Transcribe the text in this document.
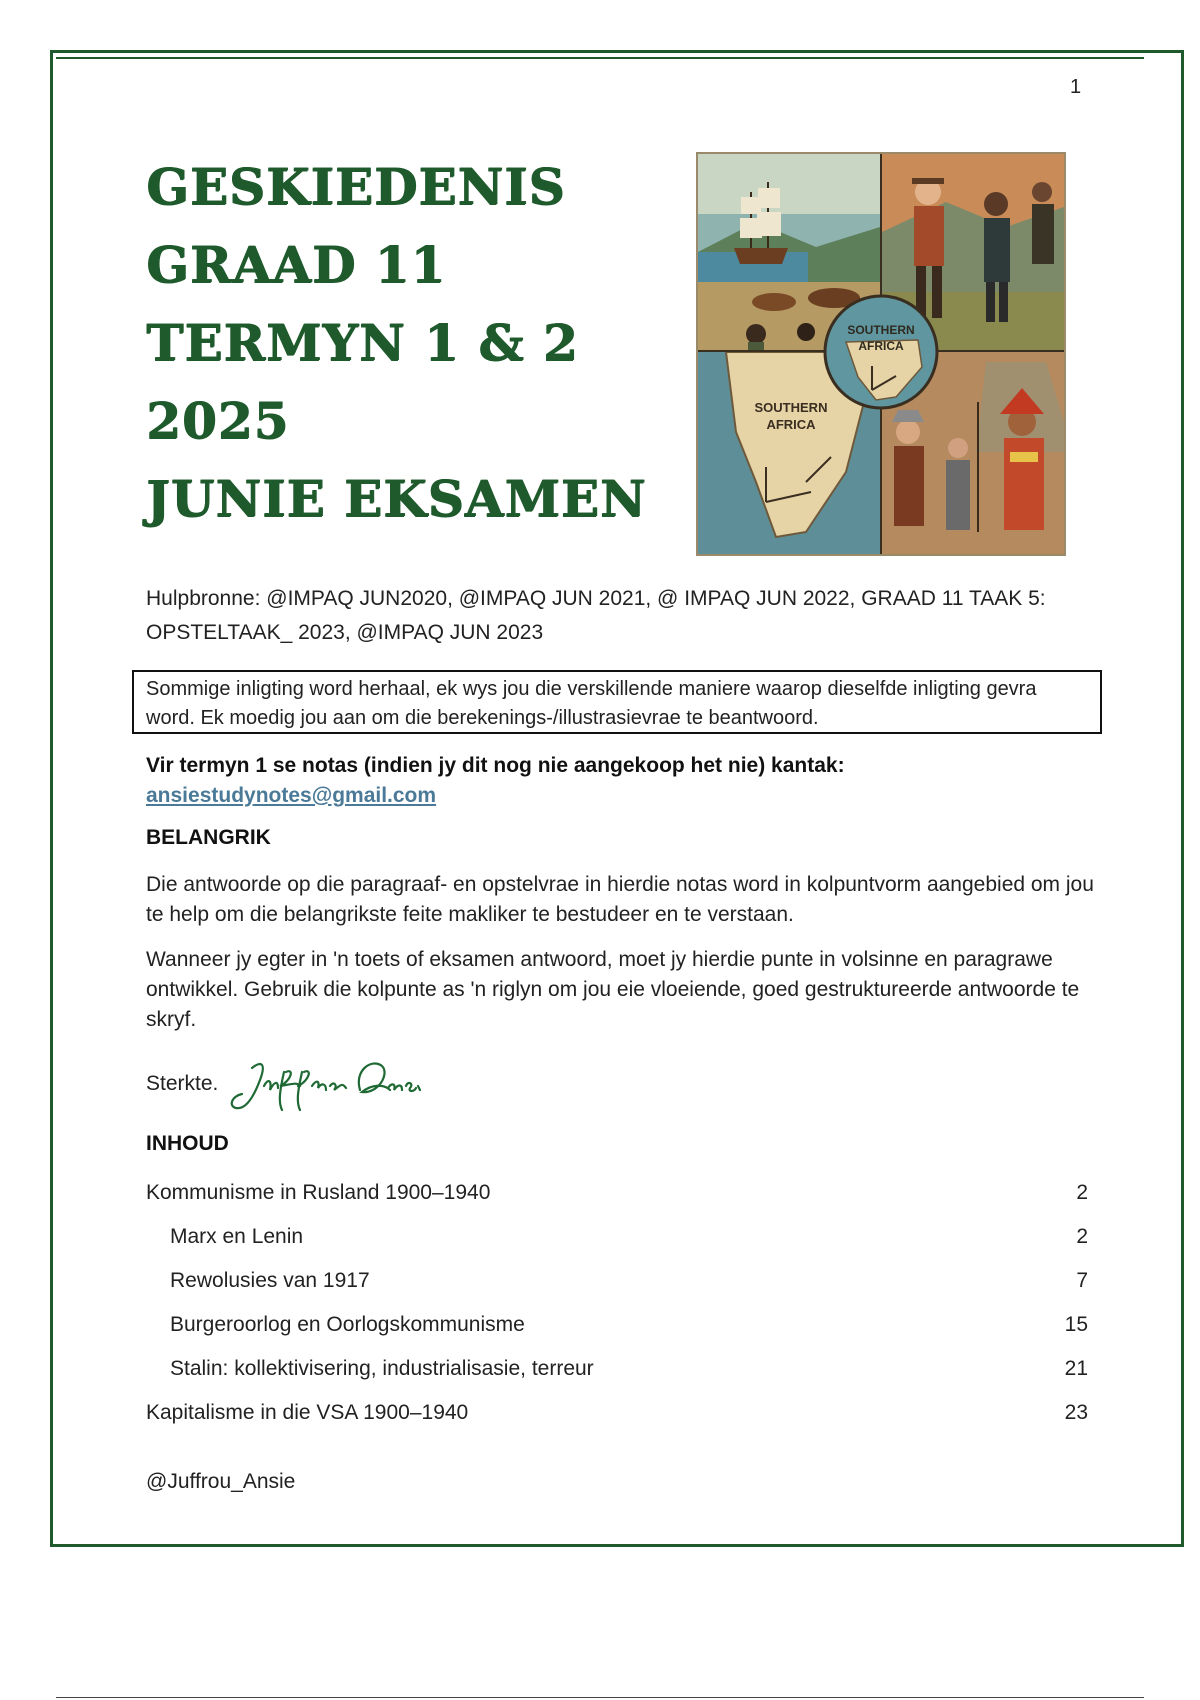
1
GESKIEDENIS
GRAAD 11
TERMYN 1 & 2
2025
JUNIE EKSAMEN
SOUTHERN
AFRICA
SOUTHERN
AFRICA
Hulpbronne: @IMPAQ JUN2020, @IMPAQ JUN 2021, @ IMPAQ JUN 2022, GRAAD 11 TAAK 5: OPSTELTAAK_ 2023, @IMPAQ JUN 2023
Sommige inligting word herhaal, ek wys jou die verskillende maniere waarop dieselfde inligting gevra word. Ek moedig jou aan om die berekenings-/illustrasievrae te beantwoord.
Vir termyn 1 se notas (indien jy dit nog nie aangekoop het nie) kantak:
ansiestudynotes@gmail.com
BELANGRIK
Die antwoorde op die paragraaf- en opstelvrae in hierdie notas word in kolpuntvorm aangebied om jou te help om die belangrikste feite makliker te bestudeer en te verstaan.
Wanneer jy egter in 'n toets of eksamen antwoord, moet jy hierdie punte in volsinne en paragrawe ontwikkel. Gebruik die kolpunte as 'n riglyn om jou eie vloeiende, goed gestruktureerde antwoorde te skryf.
Sterkte.
INHOUD
Kommunisme in Rusland 1900–1940	2
Marx en Lenin	2
Rewolusies van 1917	7
Burgeroorlog en Oorlogskommunisme	15
Stalin: kollektivisering, industrialisasie, terreur	21
Kapitalisme in die VSA 1900–1940	23
@Juffrou_Ansie
